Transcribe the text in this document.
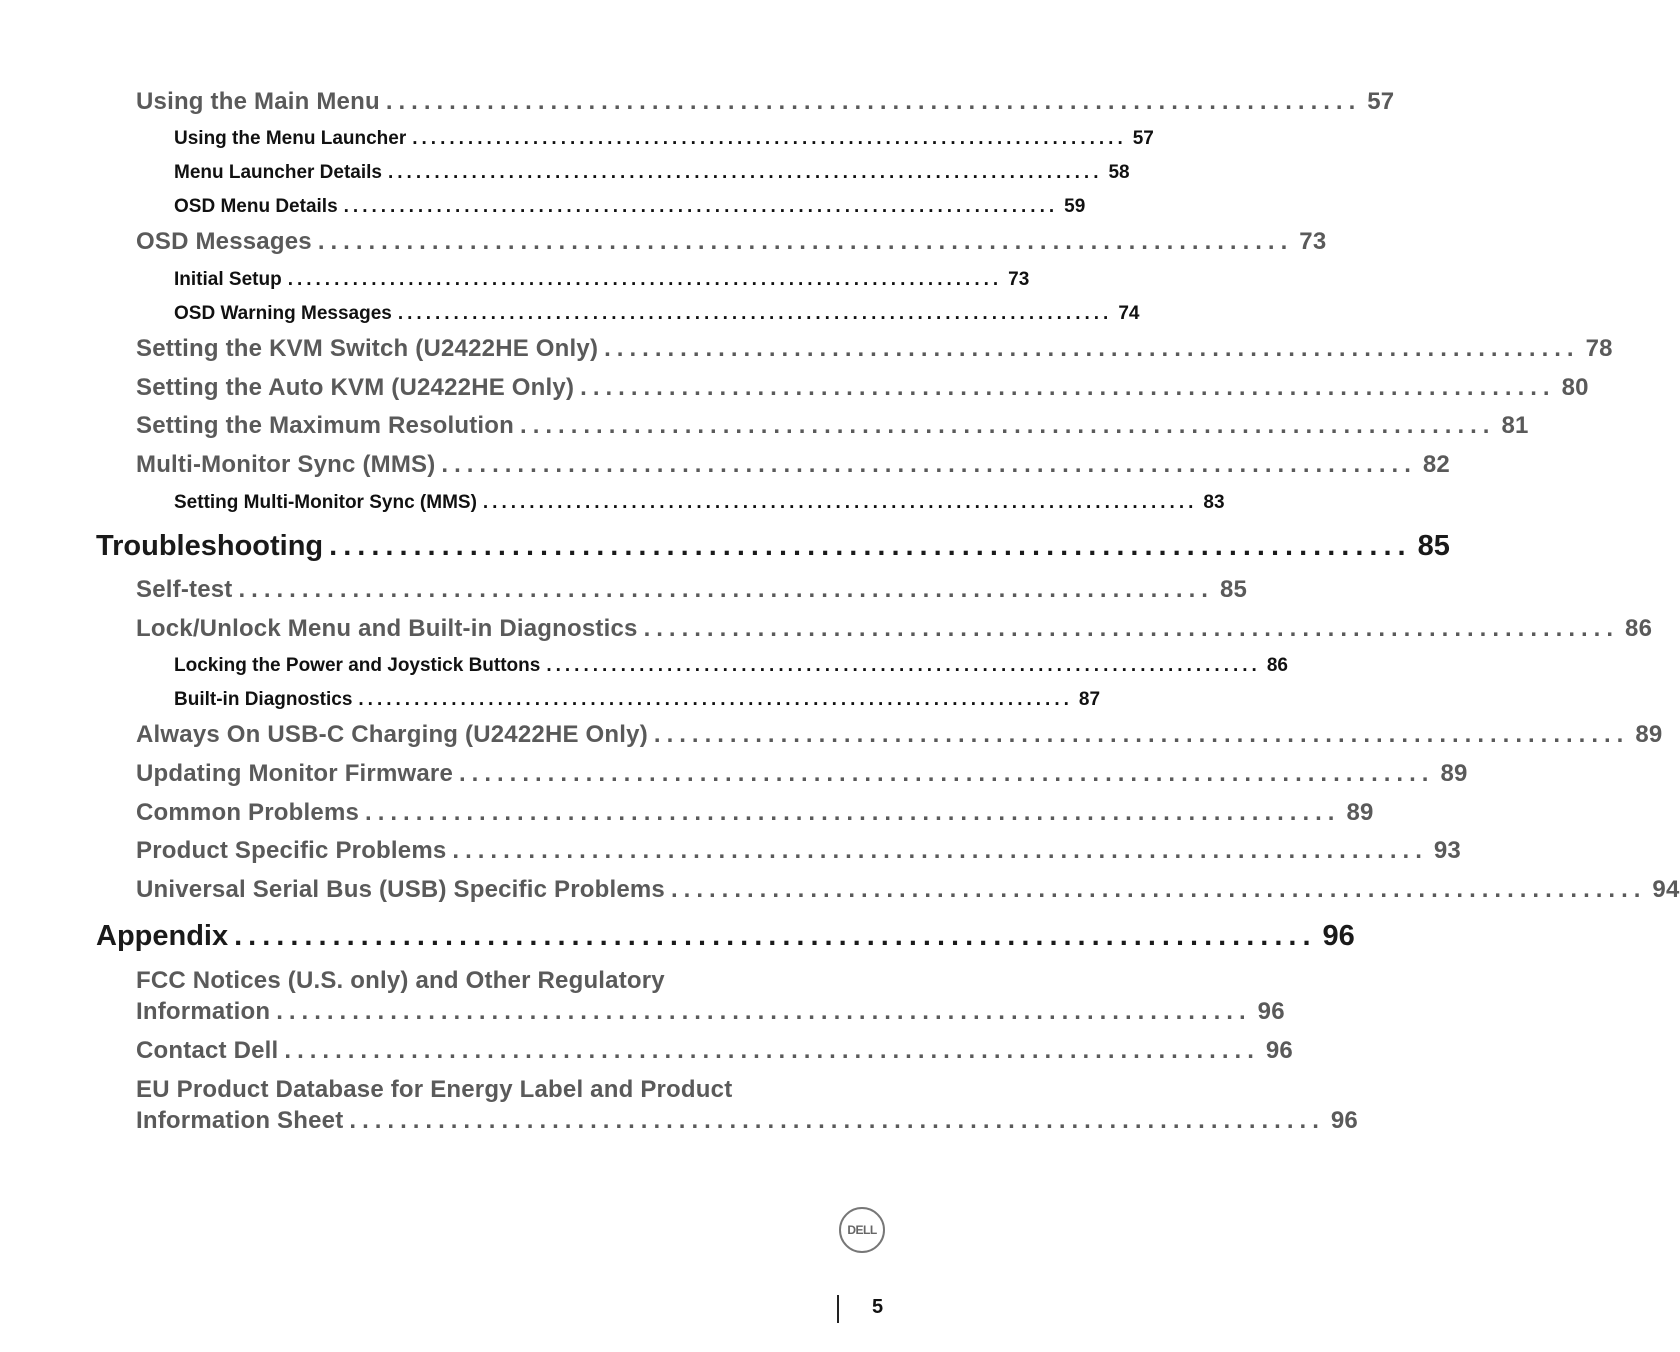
Using the Main Menu ............................................................................. 57
Using the Menu Launcher ............................................................................. 57
Menu Launcher Details ............................................................................. 58
OSD Menu Details ............................................................................. 59
OSD Messages ............................................................................. 73
Initial Setup ............................................................................. 73
OSD Warning Messages ............................................................................. 74
Setting the KVM Switch (U2422HE Only) ............................................................................. 78
Setting the Auto KVM (U2422HE Only) ............................................................................. 80
Setting the Maximum Resolution ............................................................................. 81
Multi-Monitor Sync (MMS) ............................................................................. 82
Setting Multi-Monitor Sync (MMS) ............................................................................. 83
Troubleshooting ............................................................................. 85
Self-test ............................................................................. 85
Lock/Unlock Menu and Built-in Diagnostics ............................................................................. 86
Locking the Power and Joystick Buttons ............................................................................. 86
Built-in Diagnostics ............................................................................. 87
Always On USB-C Charging (U2422HE Only) ............................................................................. 89
Updating Monitor Firmware ............................................................................. 89
Common Problems ............................................................................. 89
Product Specific Problems ............................................................................. 93
Universal Serial Bus (USB) Specific Problems ............................................................................. 94
Appendix ............................................................................. 96
FCC Notices (U.S. only) and Other Regulatory
Information ............................................................................. 96
Contact Dell ............................................................................. 96
EU Product Database for Energy Label and Product
Information Sheet ............................................................................. 96
DELL
5
